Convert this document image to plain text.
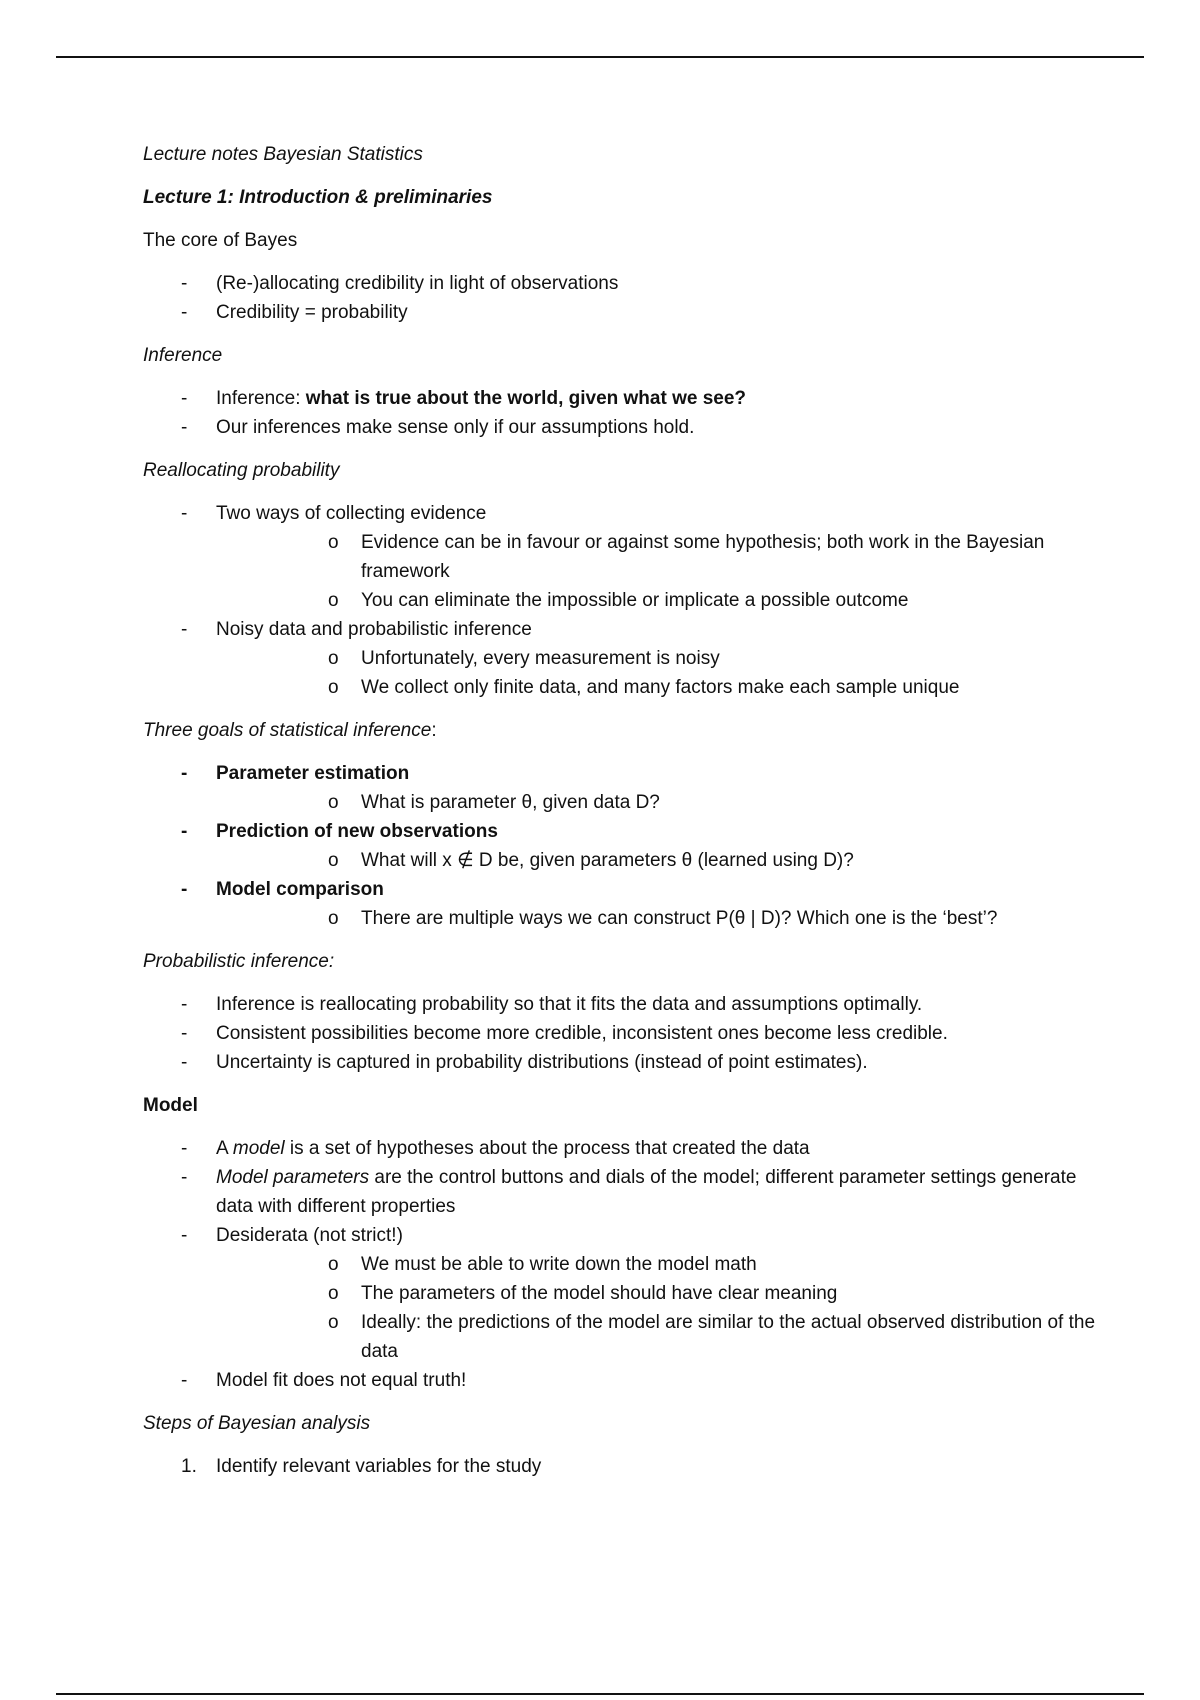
Lecture notes Bayesian Statistics

Lecture 1: Introduction & preliminaries

The core of Bayes

-	(Re-)allocating credibility in light of observations
-	Credibility = probability

Inference

-	Inference: what is true about the world, given what we see?
-	Our inferences make sense only if our assumptions hold.

Reallocating probability

-	Two ways of collecting evidence
o	Evidence can be in favour or against some hypothesis; both work in the Bayesian framework
o	You can eliminate the impossible or implicate a possible outcome
-	Noisy data and probabilistic inference
o	Unfortunately, every measurement is noisy
o	We collect only finite data, and many factors make each sample unique

Three goals of statistical inference:

-	Parameter estimation
o	What is parameter θ, given data D?
-	Prediction of new observations
o	What will x ∉ D be, given parameters θ (learned using D)?
-	Model comparison
o	There are multiple ways we can construct P(θ | D)? Which one is the ‘best’?

Probabilistic inference:

-	Inference is reallocating probability so that it fits the data and assumptions optimally.
-	Consistent possibilities become more credible, inconsistent ones become less credible.
-	Uncertainty is captured in probability distributions (instead of point estimates).

Model

-	A model is a set of hypotheses about the process that created the data
-	Model parameters are the control buttons and dials of the model; different parameter settings generate data with different properties
-	Desiderata (not strict!)
o	We must be able to write down the model math
o	The parameters of the model should have clear meaning
o	Ideally: the predictions of the model are similar to the actual observed distribution of the data
-	Model fit does not equal truth!

Steps of Bayesian analysis

1. Identify relevant variables for the study
